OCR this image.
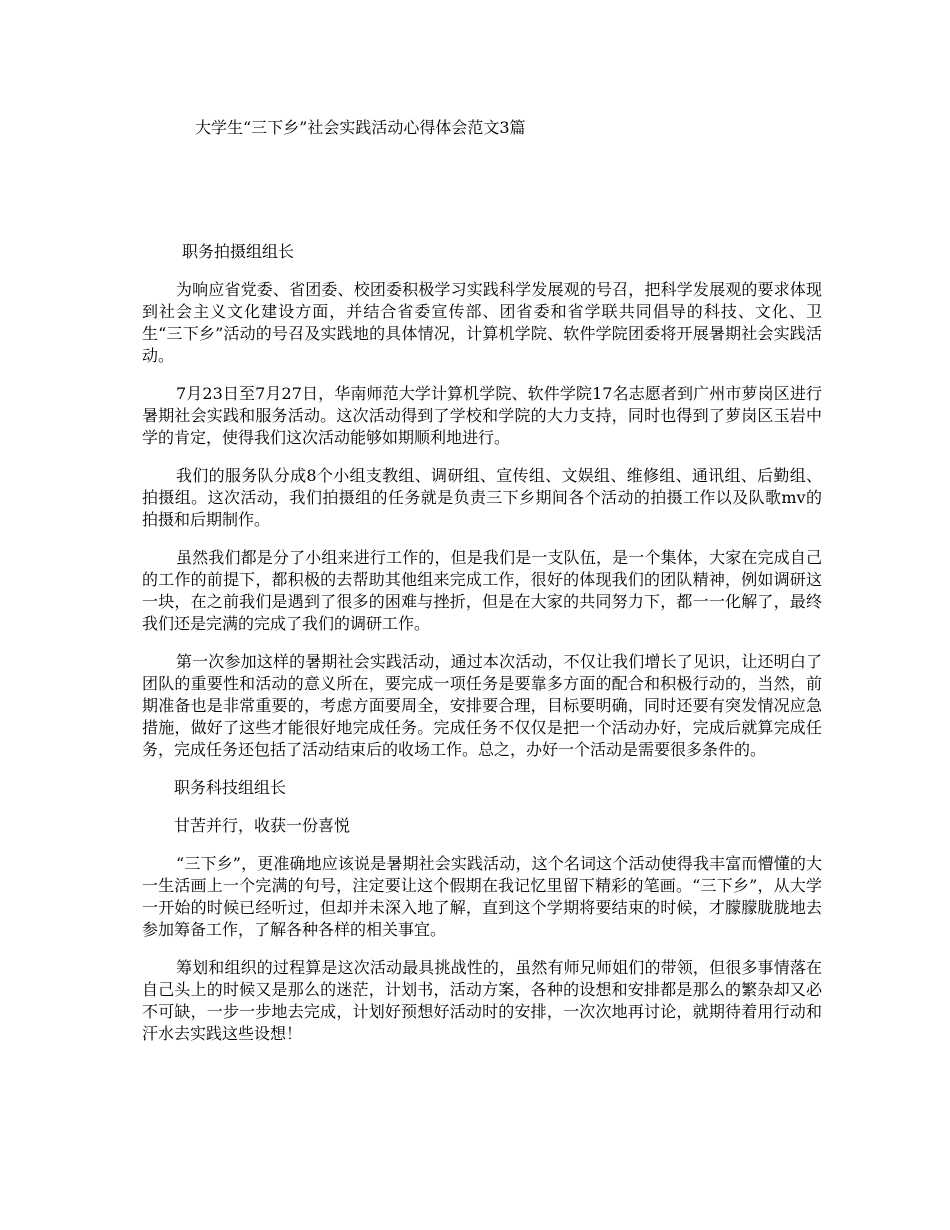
大学生“三下乡”社会实践活动心得体会范文3篇
职务拍摄组组长

为响应省党委、省团委、校团委积极学习实践科学发展观的号召，把科学发展观的要求体现到社会主义文化建设方面，并结合省委宣传部、团省委和省学联共同倡导的科技、文化、卫生“三下乡”活动的号召及实践地的具体情况，计算机学院、软件学院团委将开展暑期社会实践活动。

7月23日至7月27日，华南师范大学计算机学院、软件学院17名志愿者到广州市萝岗区进行暑期社会实践和服务活动。这次活动得到了学校和学院的大力支持，同时也得到了萝岗区玉岩中学的肯定，使得我们这次活动能够如期顺利地进行。

我们的服务队分成8个小组支教组、调研组、宣传组、文娱组、维修组、通讯组、后勤组、拍摄组。这次活动，我们拍摄组的任务就是负责三下乡期间各个活动的拍摄工作以及队歌mv的拍摄和后期制作。

虽然我们都是分了小组来进行工作的，但是我们是一支队伍，是一个集体，大家在完成自己的工作的前提下，都积极的去帮助其他组来完成工作，很好的体现我们的团队精神，例如调研这一块，在之前我们是遇到了很多的困难与挫折，但是在大家的共同努力下，都一一化解了，最终我们还是完满的完成了我们的调研工作。

第一次参加这样的暑期社会实践活动，通过本次活动，不仅让我们增长了见识，让还明白了团队的重要性和活动的意义所在，要完成一项任务是要靠多方面的配合和积极行动的，当然，前期准备也是非常重要的，考虑方面要周全，安排要合理，目标要明确，同时还要有突发情况应急措施，做好了这些才能很好地完成任务。完成任务不仅仅是把一个活动办好，完成后就算完成任务，完成任务还包括了活动结束后的收场工作。总之，办好一个活动是需要很多条件的。

职务科技组组长
甘苦并行，收获一份喜悦

“三下乡”，更准确地应该说是暑期社会实践活动，这个名词这个活动使得我丰富而懵懂的大一生活画上一个完满的句号，注定要让这个假期在我记忆里留下精彩的笔画。“三下乡”，从大学一开始的时候已经听过，但却并未深入地了解，直到这个学期将要结束的时候，才朦朦胧胧地去参加筹备工作，了解各种各样的相关事宜。

筹划和组织的过程算是这次活动最具挑战性的，虽然有师兄师姐们的带领，但很多事情落在自己头上的时候又是那么的迷茫，计划书，活动方案，各种的设想和安排都是那么的繁杂却又必不可缺，一步一步地去完成，计划好预想好活动时的安排，一次次地再讨论，就期待着用行动和汗水去实践这些设想！
